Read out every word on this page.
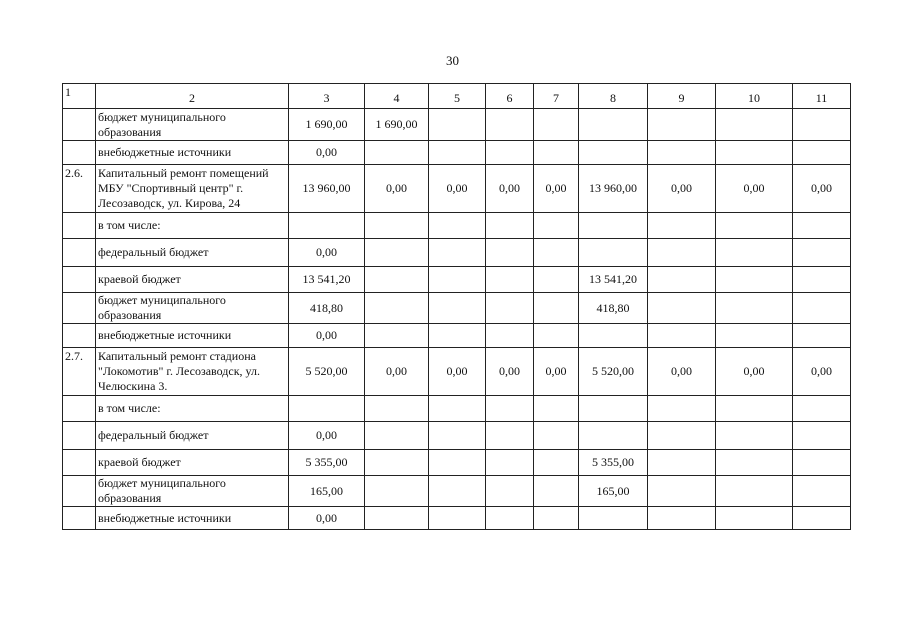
30
1	2	3	4	5	6	7	8	9	10	11
	бюджет муниципального образования	1 690,00	1 690,00							
	внебюджетные источники	0,00								
2.6.	Капитальный ремонт помещений МБУ "Спортивный центр" г. Лесозаводск, ул. Кирова, 24	13 960,00	0,00	0,00	0,00	0,00	13 960,00	0,00	0,00	0,00
	в том числе:									
	федеральный бюджет	0,00								
	краевой бюджет	13 541,20					13 541,20			
	бюджет муниципального образования	418,80					418,80			
	внебюджетные источники	0,00								
2.7.	Капитальный ремонт стадиона "Локомотив" г. Лесозаводск, ул. Челюскина 3.	5 520,00	0,00	0,00	0,00	0,00	5 520,00	0,00	0,00	0,00
	в том числе:									
	федеральный бюджет	0,00								
	краевой бюджет	5 355,00					5 355,00			
	бюджет муниципального образования	165,00					165,00			
	внебюджетные источники	0,00								
